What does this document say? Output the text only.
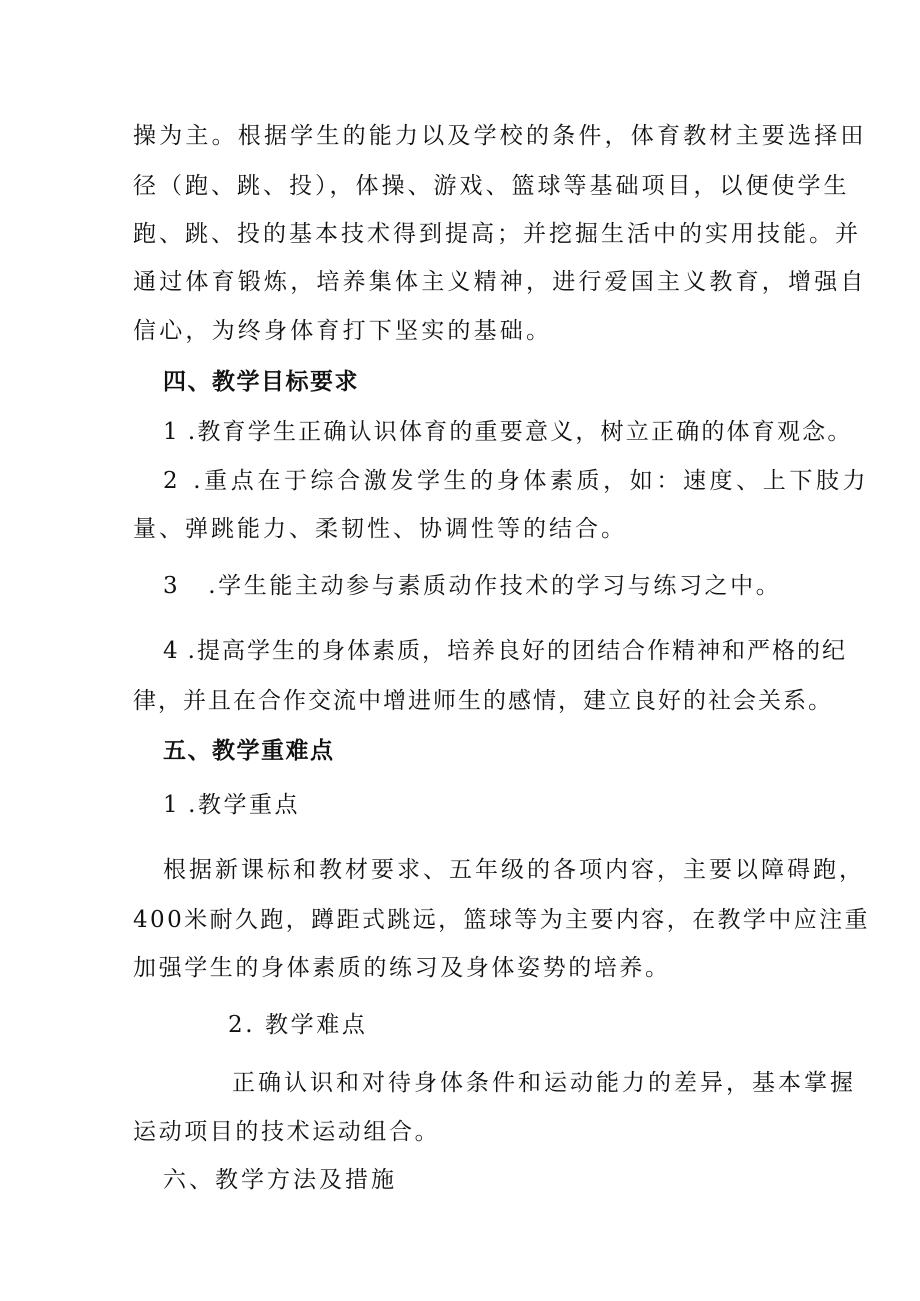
操为主。根据学生的能力以及学校的条件，体育教材主要选择田
径（跑、跳、投），体操、游戏、篮球等基础项目，以便使学生
跑、跳、投的基本技术得到提高；并挖掘生活中的实用技能。并
通过体育锻炼，培养集体主义精神，进行爱国主义教育，增强自
信心，为终身体育打下坚实的基础。
四、教学目标要求
1 .教育学生正确认识体育的重要意义，树立正确的体育观念。
2 .重点在于综合激发学生的身体素质，如：速度、上下肢力
量、弹跳能力、柔韧性、协调性等的结合。
3 .学生能主动参与素质动作技术的学习与练习之中。
4 .提高学生的身体素质，培养良好的团结合作精神和严格的纪
律，并且在合作交流中增进师生的感情，建立良好的社会关系。
五、教学重难点
1 .教学重点
根据新课标和教材要求、五年级的各项内容，主要以障碍跑，
400米耐久跑，蹲距式跳远，篮球等为主要内容，在教学中应注重
加强学生的身体素质的练习及身体姿势的培养。
2. 教学难点
正确认识和对待身体条件和运动能力的差异，基本掌握
运动项目的技术运动组合。
六、教学方法及措施
